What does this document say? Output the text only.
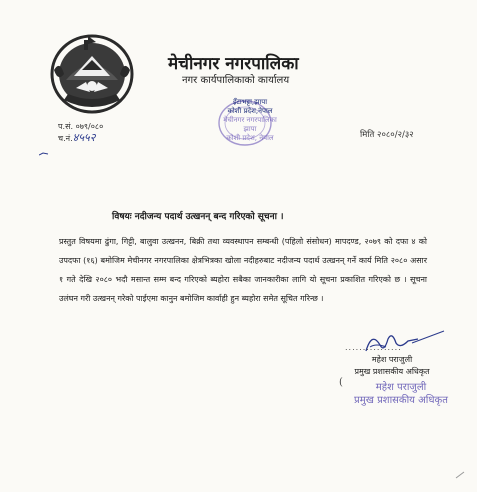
मेचीनगर नगरपालिका
नगर कार्यपालिकाको कार्यालय
इँटाभट्टा,झापा
कोशी प्रदेश,नेपाल
मेचीनगर नगरपालिका
झापा
कोशी प्रदेश, नेपाल
प.सं. ०७९/०८०
च.नं.४५५२	मिति २०८०/२/३२
विषयः नदीजन्य पदार्थ उत्खनन् बन्द गरिएको सूचना ।
प्रस्तुत विषयमा ढुंगा, गिट्टी, बालुवा उत्खनन, बिक्री तथा व्यवस्थापन सम्बन्धी (पहिलो संसोधन) मापदण्ड, २०७९ को दफा ४ को उपदफा (१६) बमोजिम मेचीनगर नगरपालिका क्षेत्रभित्रका खोला नदीहरुबाट नदीजन्य पदार्थ उत्खनन् गर्ने कार्य मिति २०८० असार १ गते देखि २०८० भदौ मसान्त सम्म बन्द गरिएको ब्यहोरा सबैका जानकारीका लागि यो सूचना प्रकाशित गरिएको छ । सूचना उलंघन गरी उत्खनन् गरेको पाईएमा कानुन बमोजिम कार्वाही हुन ब्यहोरा समेत सूचित गरिन्छ ।
................
महेश पराजुली
प्रमुख प्रशासकीय अधिकृत
(	महेश पराजुली
प्रमुख प्रशासकीय अधिकृत
